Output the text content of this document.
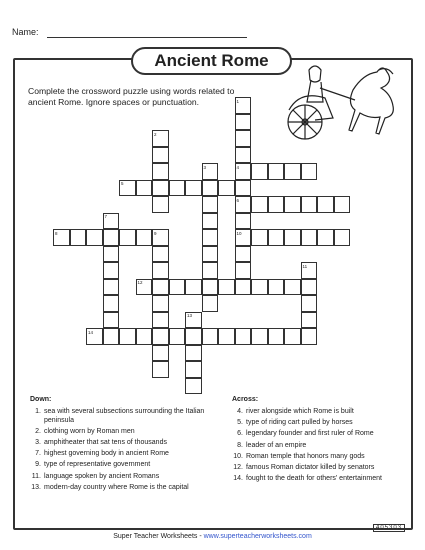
Name:
Ancient Rome
Complete the crossword puzzle using words related to ancient Rome. Ignore spaces or punctuation.	1
4
6
10
2
3
5
7
8	9
11
12
13
14
Down:
1. sea with several subsections surrounding the Italian peninsula
2. clothing worn by Roman men
3. amphitheater that sat tens of thousands
7. highest governing body in ancient Rome
9. type of representative government
11. language spoken by ancient Romans
13. modern-day country where Rome is the capital
Across:
4. river alongside which Rome is built
5. type of riding cart pulled by horses
6. legendary founder and first ruler of Rome
8. leader of an empire
10. Roman temple that honors many gods
12. famous Roman dictator killed by senators
14. fought to the death for others' entertainment
Super Teacher Worksheets - www.superteacherworksheets.com
405303
